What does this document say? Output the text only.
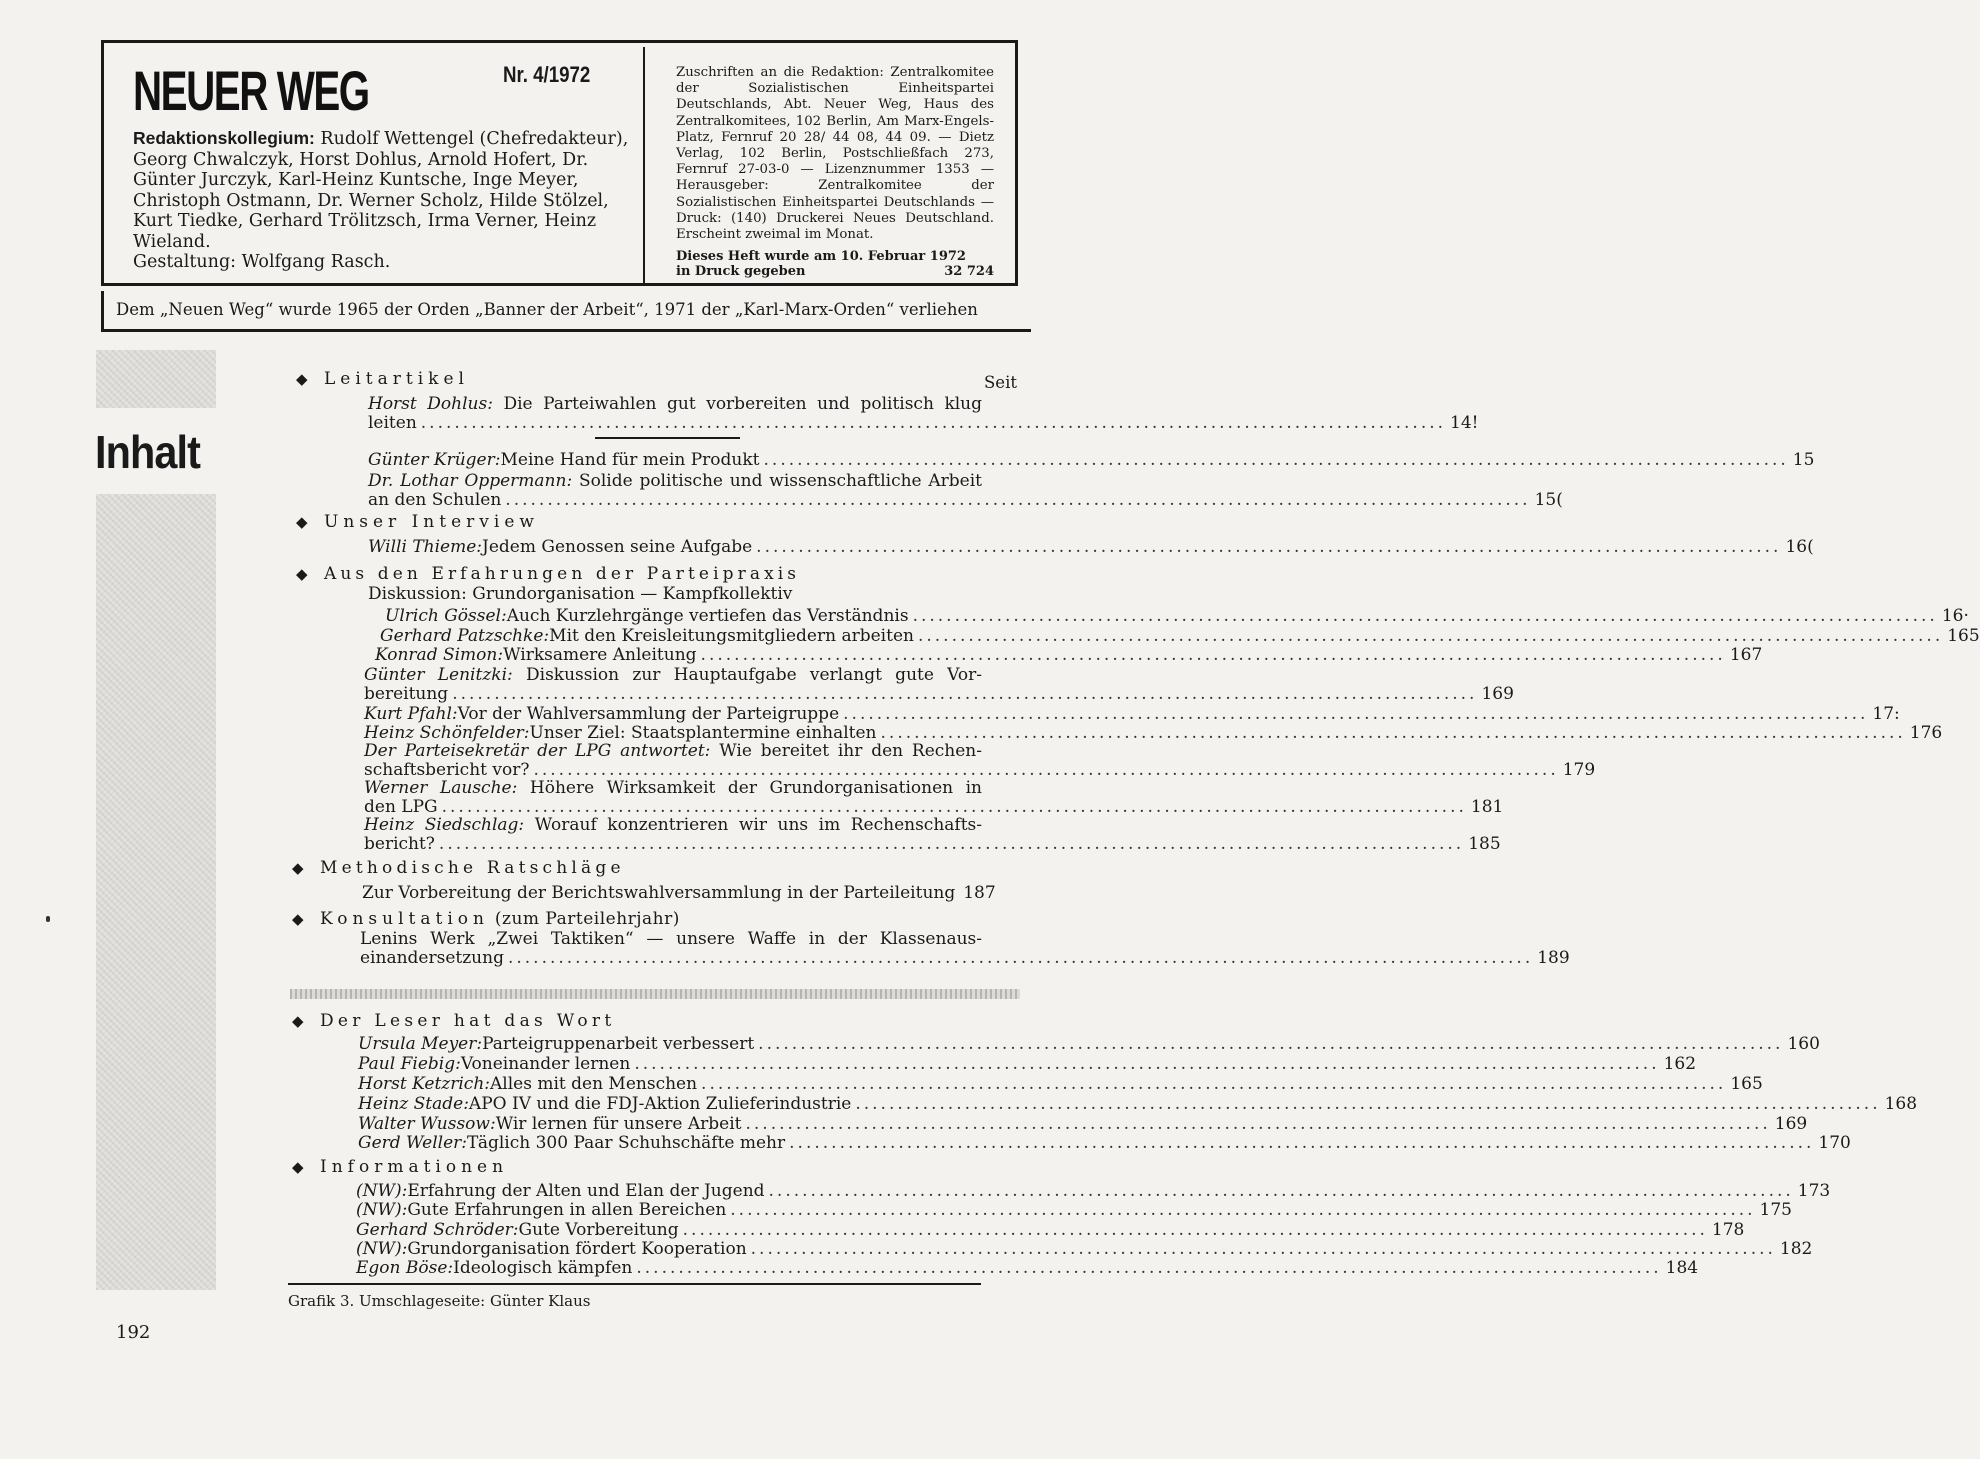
NEUER WEG	Nr. 4/1972
Redaktionskollegium: Rudolf Wettengel (Chefredakteur), Georg Chwalczyk, Horst Dohlus, Arnold Hofert, Dr. Günter Jurczyk, Karl-Heinz Kuntsche, Inge Meyer, Christoph Ostmann, Dr. Werner Scholz, Hilde Stölzel, Kurt Tiedke, Gerhard Trölitzsch, Irma Verner, Heinz Wieland.
Gestaltung: Wolfgang Rasch.
Zuschriften an die Redaktion: Zentralkomitee der Sozialistischen Einheitspartei Deutschlands, Abt. Neuer Weg, Haus des Zentralkomitees, 102 Berlin, Am Marx-Engels-Platz, Fernruf 20 28/ 44 08, 44 09. — Dietz Verlag, 102 Berlin, Postschließfach 273, Fernruf 27-03-0 — Lizenznummer 1353 — Herausgeber: Zentralkomitee der Sozialistischen Einheitspartei Deutschlands — Druck: (140) Druckerei Neues Deutschland. Erscheint zweimal im Monat.
Dieses Heft wurde am 10. Februar 1972
in Druck gegeben	32 724
Dem „Neuen Weg“ wurde 1965 der Orden „Banner der Arbeit“, 1971 der „Karl-Marx-Orden“ verliehen
Inhalt
Seit
◆ Leitartikel
Horst Dohlus: Die Parteiwahlen gut vorbereiten und politisch klug
leiten .......................................................................................................................... 14!
Günter Krüger: Meine Hand für mein Produkt .......................................................................................................................... 15
Dr. Lothar Oppermann: Solide politische und wissenschaftliche Arbeit
an den Schulen .......................................................................................................................... 15(
◆ Unser Interview
Willi Thieme: Jedem Genossen seine Aufgabe .......................................................................................................................... 16(
◆ Aus den Erfahrungen der Parteipraxis
Diskussion: Grundorganisation — Kampfkollektiv
Ulrich Gössel: Auch Kurzlehrgänge vertiefen das Verständnis .......................................................................................................................... 16·
Gerhard Patzschke: Mit den Kreisleitungsmitgliedern arbeiten .......................................................................................................................... 165
Konrad Simon: Wirksamere Anleitung .......................................................................................................................... 167
Günter Lenitzki: Diskussion zur Hauptaufgabe verlangt gute Vor-
bereitung .......................................................................................................................... 169
Kurt Pfahl: Vor der Wahlversammlung der Parteigruppe .......................................................................................................................... 17:
Heinz Schönfelder: Unser Ziel: Staatsplantermine einhalten .......................................................................................................................... 176
Der Parteisekretär der LPG antwortet: Wie bereitet ihr den Rechen-
schaftsbericht vor? .......................................................................................................................... 179
Werner Lausche: Höhere Wirksamkeit der Grundorganisationen in
den LPG .......................................................................................................................... 181
Heinz Siedschlag: Worauf konzentrieren wir uns im Rechenschafts-
bericht? .......................................................................................................................... 185
◆ Methodische Ratschläge
Zur Vorbereitung der Berichtswahlversammlung in der Parteileitung 187
◆ Konsultation (zum Parteilehrjahr)
Lenins Werk „Zwei Taktiken“ — unsere Waffe in der Klassenaus-
einandersetzung .......................................................................................................................... 189
◆ Der Leser hat das Wort
Ursula Meyer: Parteigruppenarbeit verbessert .......................................................................................................................... 160
Paul Fiebig: Voneinander lernen .......................................................................................................................... 162
Horst Ketzrich: Alles mit den Menschen .......................................................................................................................... 165
Heinz Stade: APO IV und die FDJ-Aktion Zulieferindustrie .......................................................................................................................... 168
Walter Wussow: Wir lernen für unsere Arbeit .......................................................................................................................... 169
Gerd Weller: Täglich 300 Paar Schuhschäfte mehr .......................................................................................................................... 170
◆ Informationen
(NW): Erfahrung der Alten und Elan der Jugend .......................................................................................................................... 173
(NW): Gute Erfahrungen in allen Bereichen .......................................................................................................................... 175
Gerhard Schröder: Gute Vorbereitung .......................................................................................................................... 178
(NW): Grundorganisation fördert Kooperation .......................................................................................................................... 182
Egon Böse: Ideologisch kämpfen .......................................................................................................................... 184
Grafik 3. Umschlageseite: Günter Klaus
192
